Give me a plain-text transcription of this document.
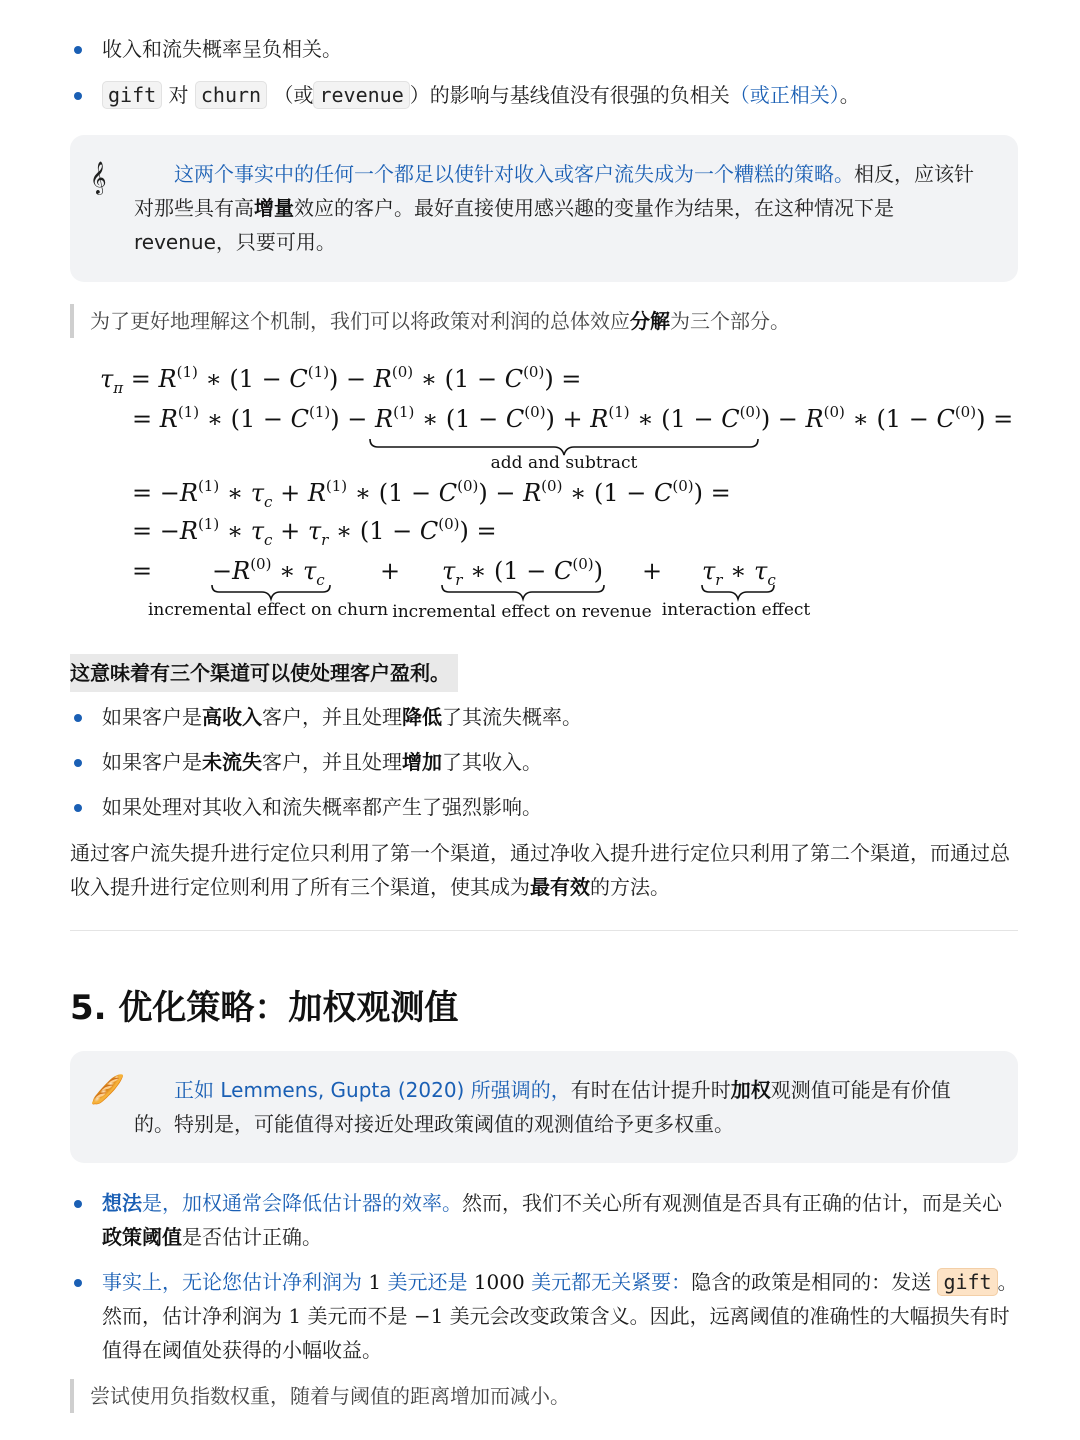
收入和流失概率呈负相关。
gift 对 churn （或 revenue ）的影响与基线值没有很强的负相关（或正相关）。
𝄞	这两个事实中的任何一个都足以使针对收入或客户流失成为一个糟糕的策略。相反，应该针对那些具有高增量效应的客户。最好直接使用感兴趣的变量作为结果，在这种情况下是 revenue，只要可用。
为了更好地理解这个机制，我们可以将政策对利润的总体效应分解为三个部分。
$\tau_\pi = R^{(1)}$ ∗ $(1 - C^{(1)}) - R^{(0)}$ ∗ $(1 - C^{(0)})$ =
= $R^{(1)}$ ∗ $(1 - C^{(1)}) - R^{(1)}$ ∗ $(1 - C^{(0)}) + R^{(1)}$ ∗ $(1 - C^{(0)}) - R^{(0)}$ ∗ $(1 - C^{(0)})$ =
add and subtract
= $-R^{(1)}$ ∗ $\tau_c + R^{(1)}$ ∗ $(1 - C^{(0)}) - R^{(0)}$ ∗ $(1 - C^{(0)})$ =
= $-R^{(1)}$ ∗ $\tau_c + \tau_r$ ∗ $(1 - C^{(0)})$ =
= $-R^{(0)}$ ∗ $\tau_c + \tau_r$ ∗ $(1 - C^{(0)}) + \tau_r$ ∗ $\tau_c$
incremental effect on churn incremental effect on revenue interaction effect
这意味着有三个渠道可以使处理客户盈利。
如果客户是高收入客户，并且处理降低了其流失概率。
如果客户是未流失客户，并且处理增加了其收入。
如果处理对其收入和流失概率都产生了强烈影响。
通过客户流失提升进行定位只利用了第一个渠道，通过净收入提升进行定位只利用了第二个渠道，而通过总收入提升进行定位则利用了所有三个渠道，使其成为最有效的方法。
5. 优化策略：加权观测值
🥖	正如 Lemmens, Gupta (2020) 所强调的，有时在估计提升时加权观测值可能是有价值的。特别是，可能值得对接近处理政策阈值的观测值给予更多权重。
想法是，加权通常会降低估计器的效率。然而，我们不关心所有观测值是否具有正确的估计，而是关心政策阈值是否估计正确。
事实上，无论您估计净利润为 1 美元还是 1000 美元都无关紧要：隐含的政策是相同的：发送 gift 。然而，估计净利润为 1 美元而不是 −1 美元会改变政策含义。因此，远离阈值的准确性的大幅损失有时值得在阈值处获得的小幅收益。
尝试使用负指数权重，随着与阈值的距离增加而减小。
